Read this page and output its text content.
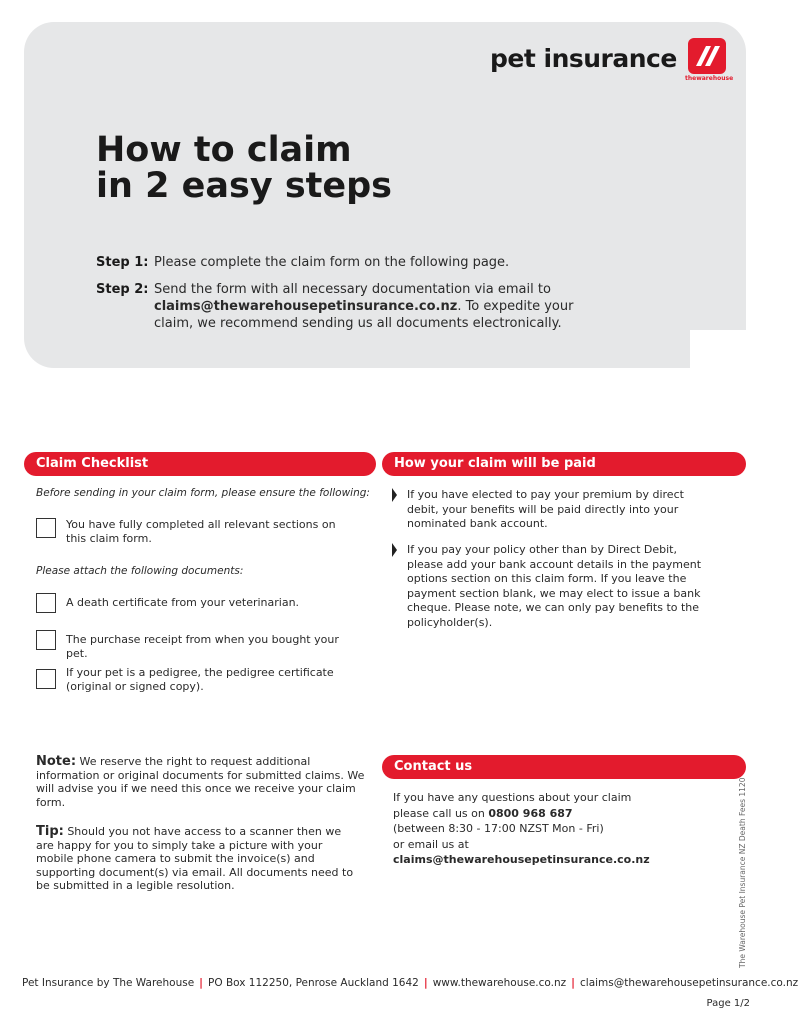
pet insurance
thewarehouse
How to claim
in 2 easy steps
Step 1: Please complete the claim form on the following page.
Step 2: Send the form with all necessary documentation via email to claims@thewarehousepetinsurance.co.nz. To expedite your claim, we recommend sending us all documents electronically.
Claim Checklist
Before sending in your claim form, please ensure the following:
You have fully completed all relevant sections on this claim form.
Please attach the following documents:
A death certificate from your veterinarian.
The purchase receipt from when you bought your pet.
If your pet is a pedigree, the pedigree certificate (original or signed copy).
How your claim will be paid
If you have elected to pay your premium by direct debit, your benefits will be paid directly into your nominated bank account.
If you pay your policy other than by Direct Debit, please add your bank account details in the payment options section on this claim form. If you leave the payment section blank, we may elect to issue a bank cheque. Please note, we can only pay benefits to the policyholder(s).
Note: We reserve the right to request additional information or original documents for submitted claims. We will advise you if we need this once we receive your claim form.
Tip: Should you not have access to a scanner then we are happy for you to simply take a picture with your mobile phone camera to submit the invoice(s) and supporting document(s) via email. All documents need to be submitted in a legible resolution.
Contact us
If you have any questions about your claim
please call us on 0800 968 687
(between 8:30 - 17:00 NZST Mon - Fri)
or email us at claims@thewarehousepetinsurance.co.nz	The Warehouse Pet Insurance NZ Death Fees 1120
Pet Insurance by The Warehouse | PO Box 112250, Penrose Auckland 1642 | www.thewarehouse.co.nz | claims@thewarehousepetinsurance.co.nz
Page 1/2
